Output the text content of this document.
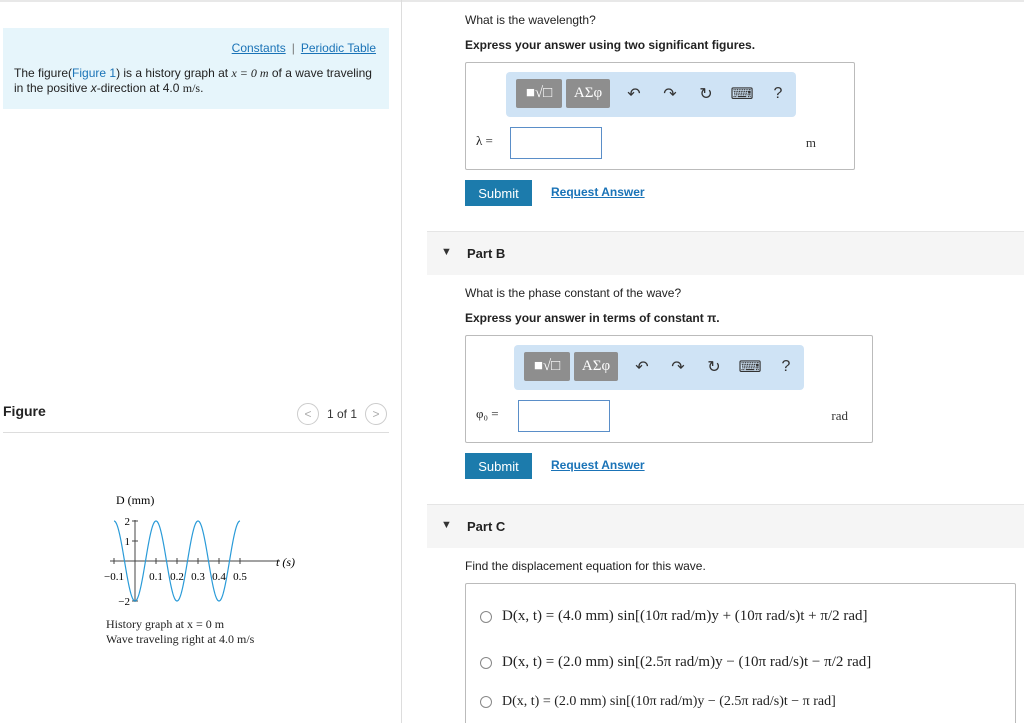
Constants | Periodic Table
The figure(Figure 1) is a history graph at x = 0 m of a wave traveling in the positive x-direction at 4.0 m/s.
Figure	<	1 of 1	>
D (mm)
2
1
−2
−0.1 0.1 0.2 0.3 0.4 0.5
t (s)
History graph at x = 0 m
Wave traveling right at 4.0 m/s
What is the wavelength?
Express your answer using two significant figures.
■√□	ΑΣφ	↶	↷	↻	⌨	?
λ =	m
Submit	Request Answer
▼ Part B
What is the phase constant of the wave?
Express your answer in terms of constant π.
■√□	ΑΣφ	↶	↷	↻	⌨	?
φ₀ =	rad
Submit	Request Answer
▼ Part C
Find the displacement equation for this wave.
D(x, t) = (4.0 mm) sin[(10π rad/m)y + (10π rad/s)t + π/2 rad]
D(x, t) = (2.0 mm) sin[(2.5π rad/m)y − (10π rad/s)t − π/2 rad]
D(x, t) = (2.0 mm) sin[(10π rad/m)y − (2.5π rad/s)t − π rad]
